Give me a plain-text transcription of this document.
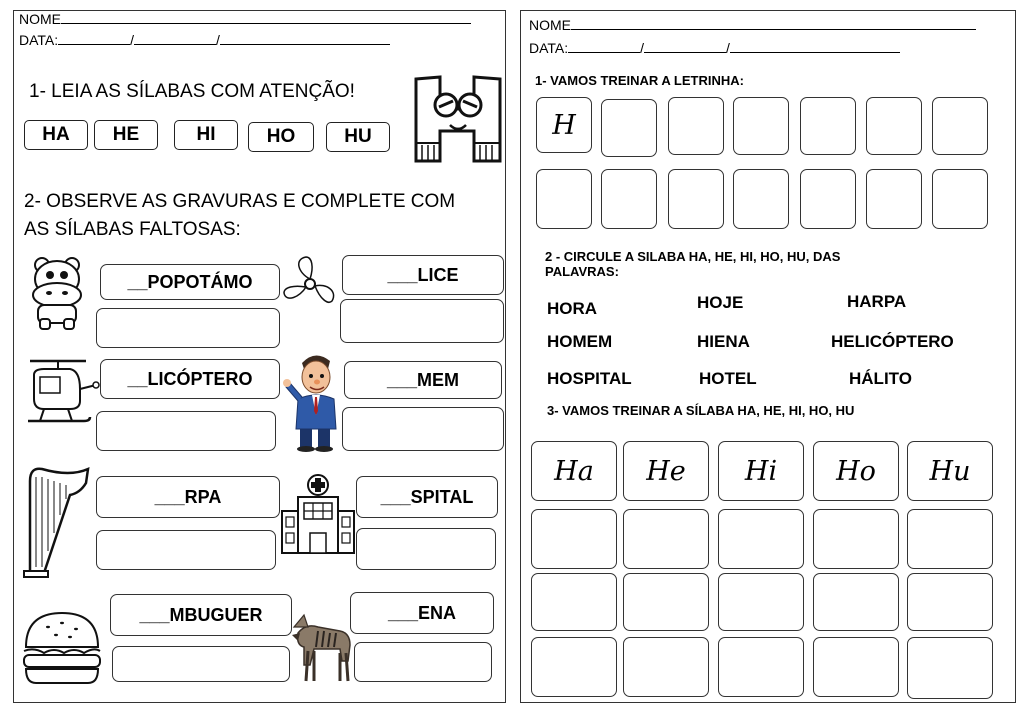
NOME
DATA:	/	/
1- LEIA AS SÍLABAS COM ATENÇÃO!
HA	HE	HI	HO	HU
2- OBSERVE AS GRAVURAS E COMPLETE COM
AS SÍLABAS FALTOSAS:
__POPOTÁMO	___LICE
__LICÓPTERO	___MEM
___RPA	___SPITAL
___MBUGUER	___ENA
NOME
DATA:	/	/
1- VAMOS TREINAR A LETRINHA:
H
2 - CIRCULE A SILABA HA, HE, HI, HO, HU, DAS
PALAVRAS:
HORA	HOJE	HARPA
HOMEM	HIENA	HELICÓPTERO
HOSPITAL	HOTEL	HÁLITO
3- VAMOS TREINAR A SÍLABA HA, HE, HI, HO, HU
Ha	He	Hi	Ho	Hu
